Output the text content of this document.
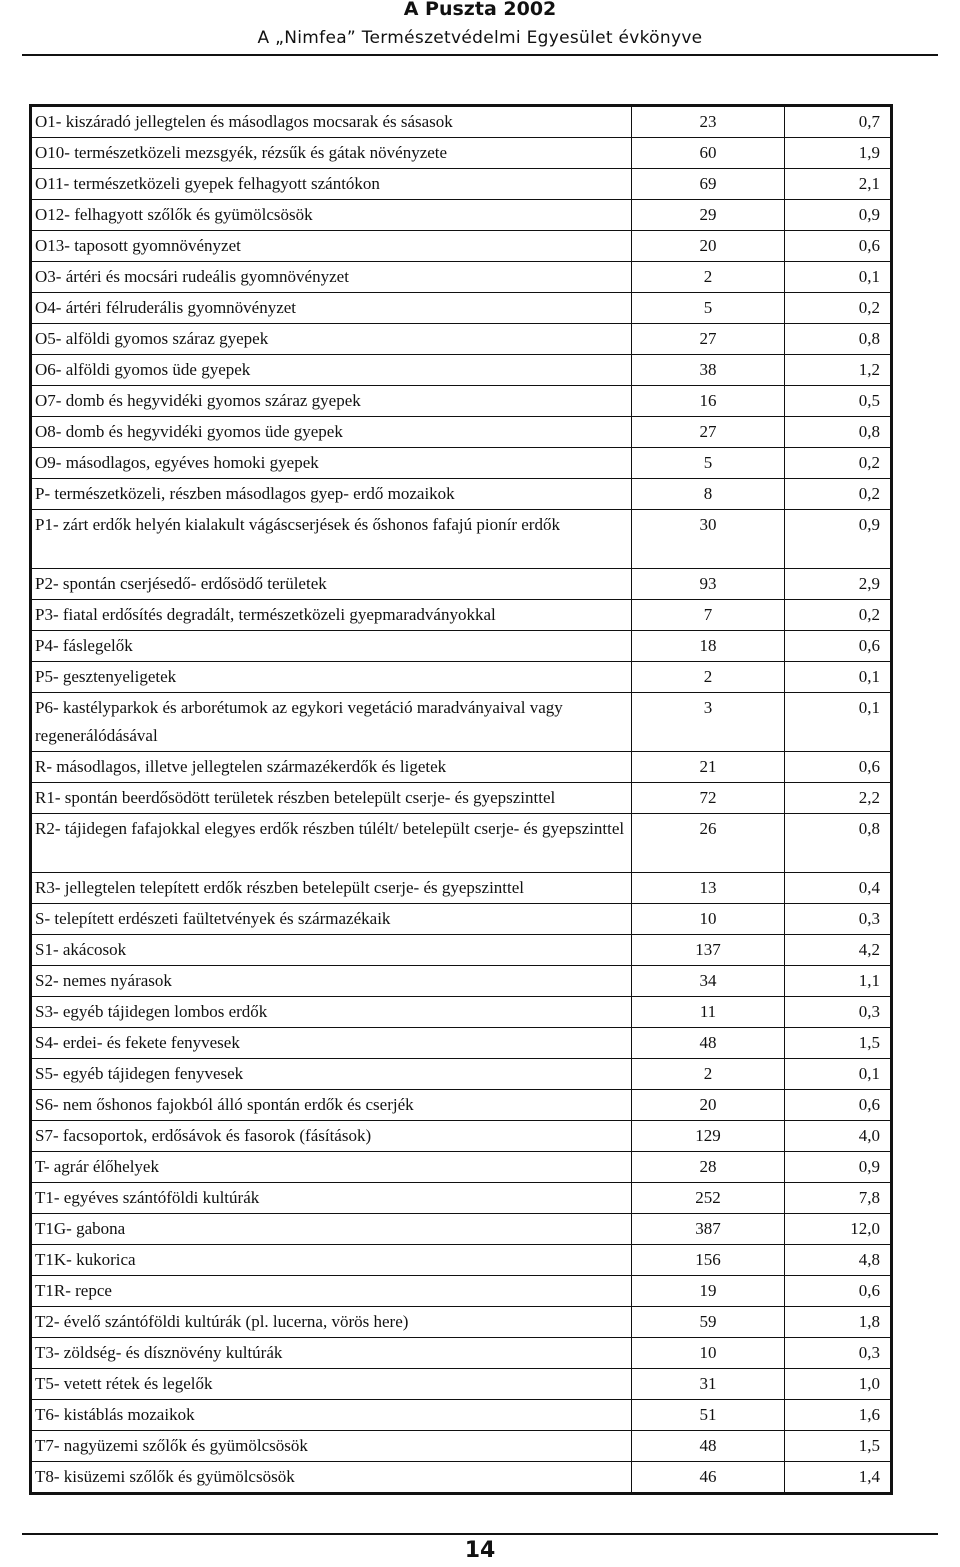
A Puszta 2002
A „Nimfea” Természetvédelmi Egyesület évkönyve
O1- kiszáradó jellegtelen és másodlagos mocsarak és sásasok	23	0,7
O10- természetközeli mezsgyék, rézsűk és gátak növényzete	60	1,9
O11- természetközeli gyepek felhagyott szántókon	69	2,1
O12- felhagyott szőlők és gyümölcsösök	29	0,9
O13- taposott gyomnövényzet	20	0,6
O3- ártéri és mocsári rudeális gyomnövényzet	2	0,1
O4- ártéri félruderális gyomnövényzet	5	0,2
O5- alföldi gyomos száraz gyepek	27	0,8
O6- alföldi gyomos üde gyepek	38	1,2
O7- domb és hegyvidéki gyomos száraz gyepek	16	0,5
O8- domb és hegyvidéki gyomos üde gyepek	27	0,8
O9- másodlagos, egyéves homoki gyepek	5	0,2
P- természetközeli, részben másodlagos gyep- erdő mozaikok	8	0,2
P1- zárt erdők helyén kialakult vágáscserjések és őshonos fafajú pionír erdők	30	0,9
P2- spontán cserjésedő- erdősödő területek	93	2,9
P3- fiatal erdősítés degradált, természetközeli gyepmaradványokkal	7	0,2
P4- fáslegelők	18	0,6
P5- gesztenyeligetek	2	0,1
P6- kastélyparkok és arborétumok az egykori vegetáció maradványaival vagy regenerálódásával	3	0,1
R- másodlagos, illetve jellegtelen származékerdők és ligetek	21	0,6
R1- spontán beerdősödött területek részben betelepült cserje- és gyepszinttel	72	2,2
R2- tájidegen fafajokkal elegyes erdők részben túlélt/ betelepült cserje- és gyepszinttel	26	0,8
R3- jellegtelen telepített erdők részben betelepült cserje- és gyepszinttel	13	0,4
S- telepített erdészeti faültetvények és származékaik	10	0,3
S1- akácosok	137	4,2
S2- nemes nyárasok	34	1,1
S3- egyéb tájidegen lombos erdők	11	0,3
S4- erdei- és fekete fenyvesek	48	1,5
S5- egyéb tájidegen fenyvesek	2	0,1
S6- nem őshonos fajokból álló spontán erdők és cserjék	20	0,6
S7- facsoportok, erdősávok és fasorok (fásítások)	129	4,0
T- agrár élőhelyek	28	0,9
T1- egyéves szántóföldi kultúrák	252	7,8
T1G- gabona	387	12,0
T1K- kukorica	156	4,8
T1R- repce	19	0,6
T2- évelő szántóföldi kultúrák (pl. lucerna, vörös here)	59	1,8
T3- zöldség- és dísznövény kultúrák	10	0,3
T5- vetett rétek és legelők	31	1,0
T6- kistáblás mozaikok	51	1,6
T7- nagyüzemi szőlők és gyümölcsösök	48	1,5
T8- kisüzemi szőlők és gyümölcsösök	46	1,4
14
